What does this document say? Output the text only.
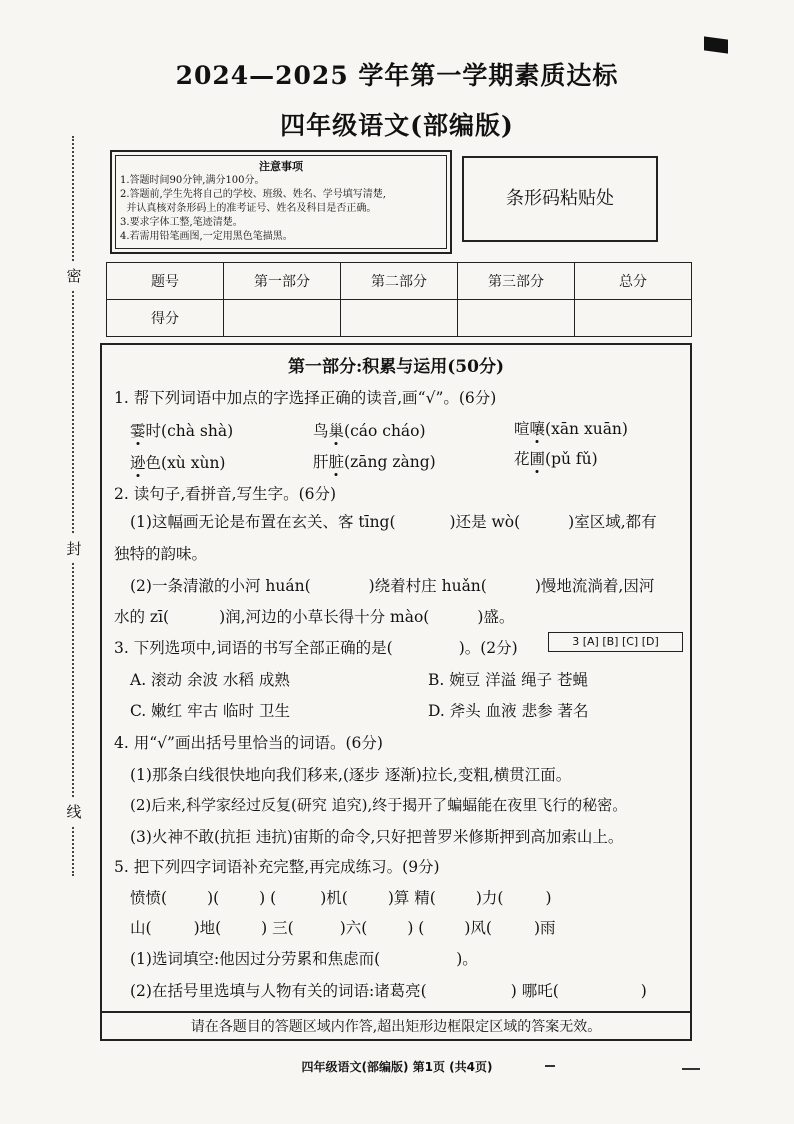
2024—2025 学年第一学期素质达标
四年级语文(部编版)
密
封
线
注意事项
1.答题时间90分钟,满分100分。
2.答题前,学生先将自己的学校、班级、姓名、学号填写清楚,
并认真核对条形码上的准考证号、姓名及科目是否正确。
3.要求字体工整,笔迹清楚。
4.若需用铅笔画图,一定用黑色笔描黑。
条形码粘贴处
题号	第一部分	第二部分	第三部分	总分
得分				
第一部分:积累与运用(50分)
1. 帮下列词语中加点的字选择正确的读音,画“√”。(6分)
霎时(chà shà)	鸟巢(cáo cháo)	喧嚷(xān xuān)
逊色(xù xùn)	肝脏(zāng zàng)	花圃(pǔ fǔ)
2. 读句子,看拼音,写生字。(6分)
(1)这幅画无论是布置在玄关、客 tīng(	)还是 wò(	)室区域,都有
独特的韵味。
(2)一条清澈的小河 huán(	)绕着村庄 huǎn(	)慢地流淌着,因河
水的 zī(	)润,河边的小草长得十分 mào(	)盛。
3. 下列选项中,词语的书写全部正确的是(	)。(2分)	3 [A] [B] [C] [D]
A. 滚动 余波 水稻 成熟	B. 婉豆 洋溢 绳子 苍蝇
C. 嫩红 牢古 临时 卫生	D. 斧头 血液 悲参 著名
4. 用“√”画出括号里恰当的词语。(6分)
(1)那条白线很快地向我们移来,(逐步 逐渐)拉长,变粗,横贯江面。
(2)后来,科学家经过反复(研究 追究),终于揭开了蝙蝠能在夜里飞行的秘密。
(3)火神不敢(抗拒 违抗)宙斯的命令,只好把普罗米修斯押到高加索山上。
5. 把下列四字词语补充完整,再完成练习。(9分)
愤愤(	)(	) (	)机(	)算 精(	)力(	)
山(	)地(	) 三(	)六(	) (	)风(	)雨
(1)选词填空:他因过分劳累和焦虑而(	)。
(2)在括号里选填与人物有关的词语:诸葛亮(	) 哪吒(	)
请在各题目的答题区域内作答,超出矩形边框限定区域的答案无效。
四年级语文(部编版) 第1页 (共4页)
